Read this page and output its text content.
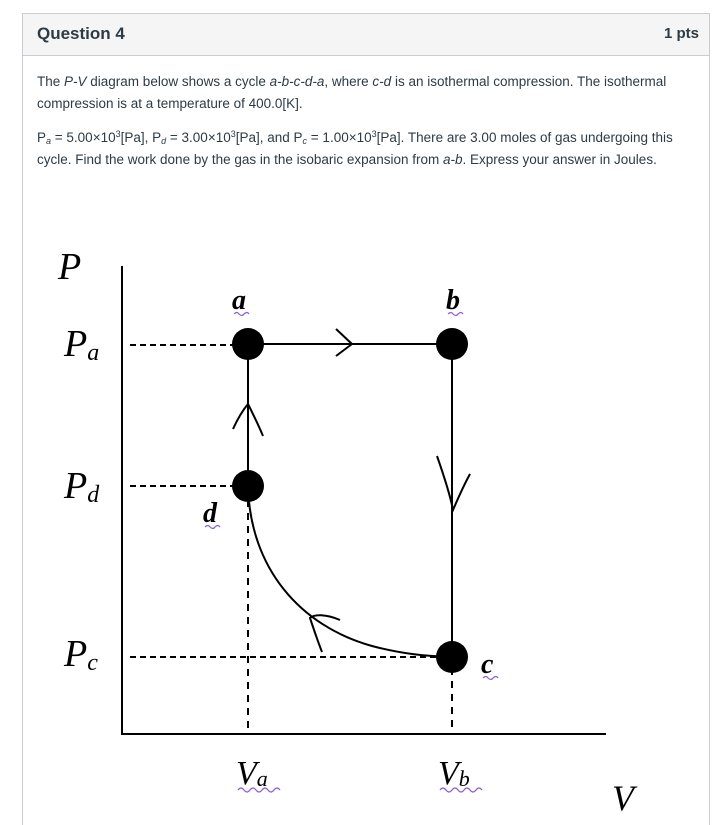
Question 4	1 pts

The P-V diagram below shows a cycle a-b-c-d-a, where c-d is an isothermal compression. The isothermal compression is at a temperature of 400.0[K].

$P_a = 5.00\times 10^3[Pa]$, $P_d = 3.00\times 10^3[Pa]$, and $P_c = 1.00\times 10^3[Pa]$. There are 3.00 moles of gas undergoing this cycle. Find the work done by the gas in the isobaric expansion from a-b. Express your answer in Joules.

P
V
Pa
Pd
Pc
Va	Vb
a	b
d
c
